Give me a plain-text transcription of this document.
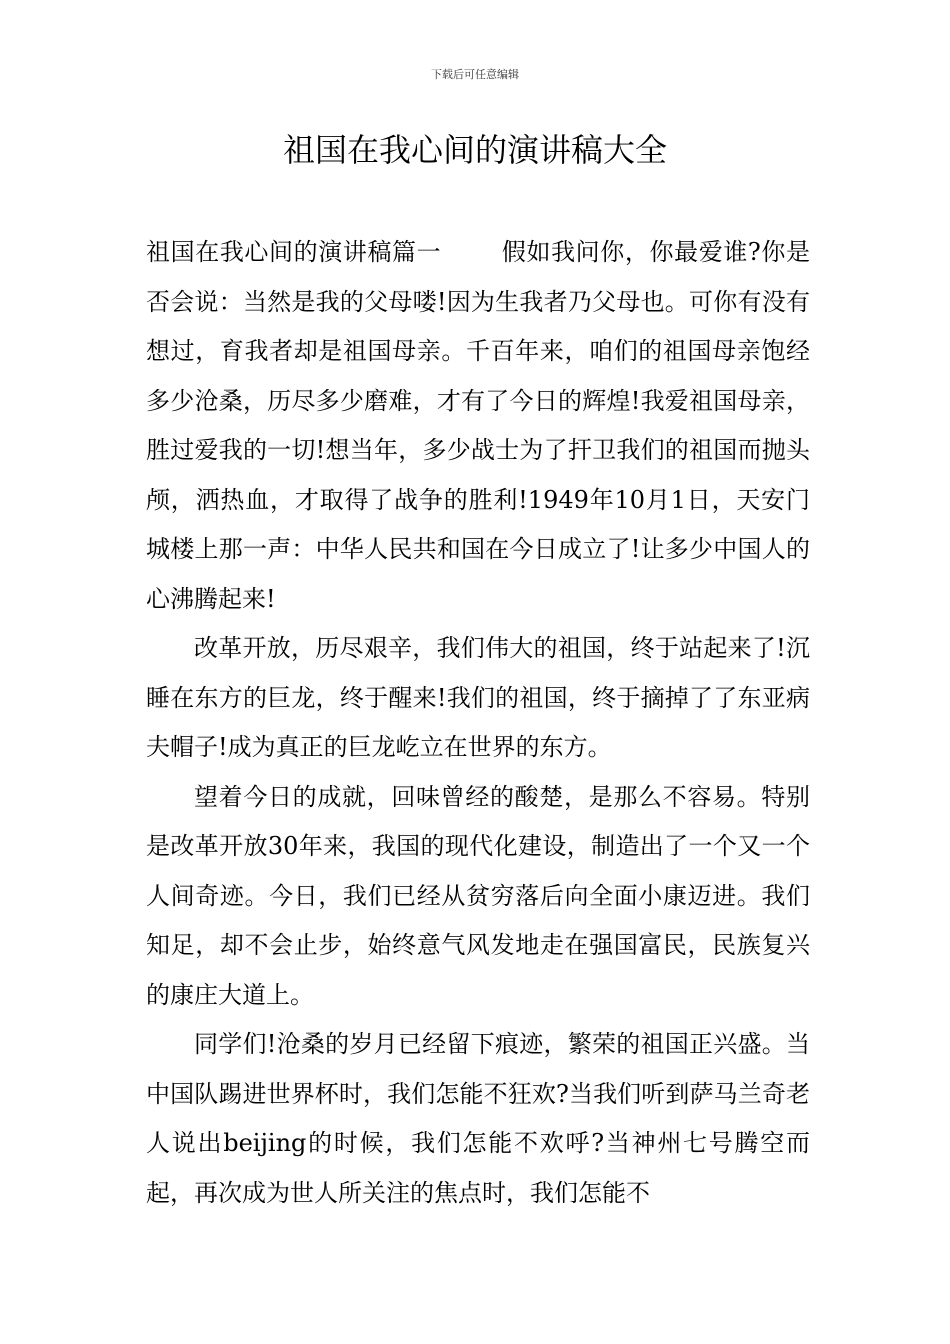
下载后可任意编辑
祖国在我心间的演讲稿大全

祖国在我心间的演讲稿篇一	假如我问你，你最爱谁?你是否会说：当然是我的父母喽!因为生我者乃父母也。可你有没有想过，育我者却是祖国母亲。千百年来，咱们的祖国母亲饱经多少沧桑，历尽多少磨难，才有了今日的辉煌!我爱祖国母亲，胜过爱我的一切!想当年，多少战士为了扞卫我们的祖国而抛头颅，洒热血，才取得了战争的胜利!1949年10月1日，天安门城楼上那一声：中华人民共和国在今日成立了!让多少中国人的心沸腾起来!

改革开放，历尽艰辛，我们伟大的祖国，终于站起来了!沉睡在东方的巨龙，终于醒来!我们的祖国，终于摘掉了了东亚病夫帽子!成为真正的巨龙屹立在世界的东方。

望着今日的成就，回味曾经的酸楚，是那么不容易。特别是改革开放30年来，我国的现代化建设，制造出了一个又一个人间奇迹。今日，我们已经从贫穷落后向全面小康迈进。我们知足，却不会止步，始终意气风发地走在强国富民，民族复兴的康庄大道上。

同学们!沧桑的岁月已经留下痕迹，繁荣的祖国正兴盛。当中国队踢进世界杯时，我们怎能不狂欢?当我们听到萨马兰奇老人说出beijing的时候，我们怎能不欢呼?当神州七号腾空而起，再次成为世人所关注的焦点时，我们怎能不
